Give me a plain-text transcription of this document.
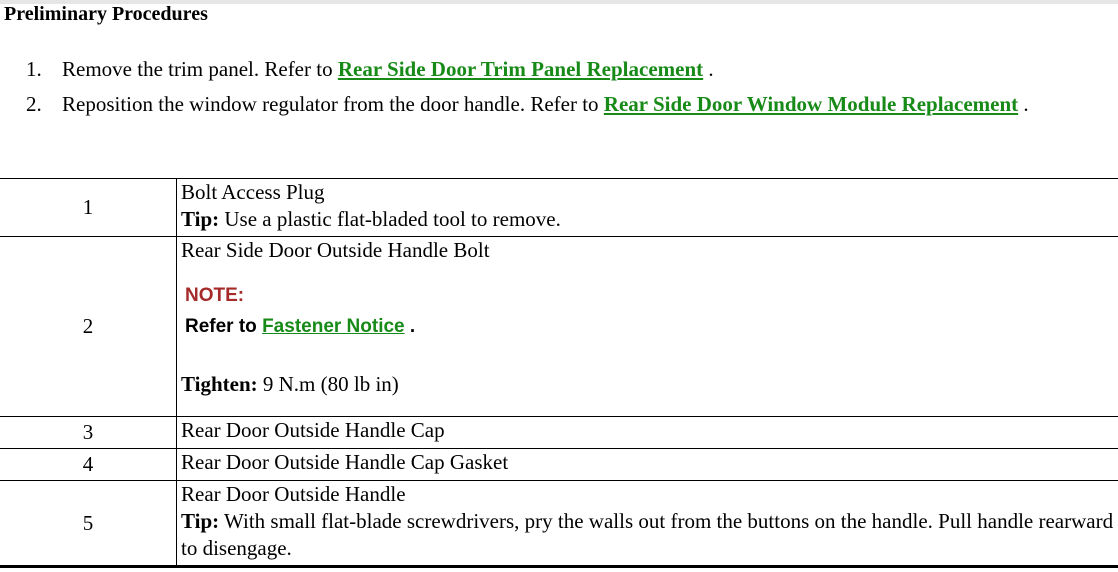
Preliminary Procedures
1. Remove the trim panel. Refer to Rear Side Door Trim Panel Replacement .
2. Reposition the window regulator from the door handle. Refer to Rear Side Door Window Module Replacement .
1	Bolt Access Plug
Tip: Use a plastic flat-bladed tool to remove.

2	Rear Side Door Outside Handle Bolt
NOTE:
Refer to Fastener Notice .
Tighten: 9 N.m (80 lb in)

3	Rear Door Outside Handle Cap

4	Rear Door Outside Handle Cap Gasket

5	Rear Door Outside Handle
Tip: With small flat-blade screwdrivers, pry the walls out from the buttons on the handle. Pull handle rearward to disengage.
